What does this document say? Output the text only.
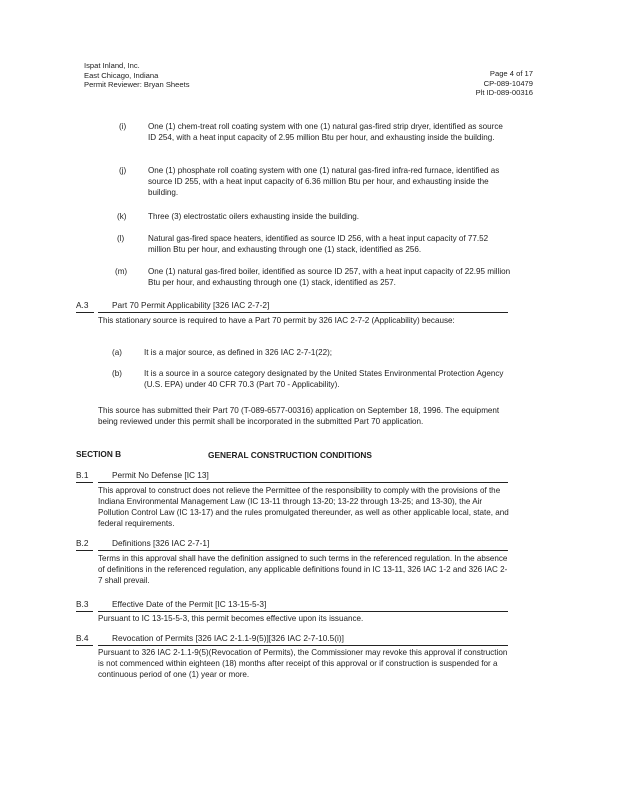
Ispat Inland, Inc.
East Chicago, Indiana
Permit Reviewer: Bryan Sheets
Page 4 of 17
CP-089-10479
Plt ID-089-00316
(i)	One (1) chem-treat roll coating system with one (1) natural gas-fired strip dryer, identified as source ID 254, with a heat input capacity of 2.95 million Btu per hour, and exhausting inside the building.
(j)	One (1) phosphate roll coating system with one (1) natural gas-fired infra-red furnace, identified as source ID 255, with a heat input capacity of 6.36 million Btu per hour, and exhausting inside the building.
(k)	Three (3) electrostatic oilers exhausting inside the building.
(l)	Natural gas-fired space heaters, identified as source ID 256, with a heat input capacity of 77.52 million Btu per hour, and exhausting through one (1) stack, identified as 256.
(m)	One (1) natural gas-fired boiler, identified as source ID 257, with a heat input capacity of 22.95 million Btu per hour, and exhausting through one (1) stack, identified as 257.
A.3	Part 70 Permit Applicability [326 IAC 2-7-2]
This stationary source is required to have a Part 70 permit by 326 IAC 2-7-2 (Applicability) because:
(a)	It is a major source, as defined in 326 IAC 2-7-1(22);
(b)	It is a source in a source category designated by the United States Environmental Protection Agency (U.S. EPA) under 40 CFR 70.3 (Part 70 - Applicability).
This source has submitted their Part 70 (T-089-6577-00316) application on September 18, 1996. The equipment being reviewed under this permit shall be incorporated in the submitted Part 70 application.
SECTION B	GENERAL CONSTRUCTION CONDITIONS
B.1	Permit No Defense [IC 13]
This approval to construct does not relieve the Permittee of the responsibility to comply with the provisions of the Indiana Environmental Management Law (IC 13-11 through 13-20; 13-22 through 13-25; and 13-30), the Air Pollution Control Law (IC 13-17) and the rules promulgated thereunder, as well as other applicable local, state, and federal requirements.
B.2	Definitions [326 IAC 2-7-1]
Terms in this approval shall have the definition assigned to such terms in the referenced regulation. In the absence of definitions in the referenced regulation, any applicable definitions found in IC 13-11, 326 IAC 1-2 and 326 IAC 2-7 shall prevail.
B.3	Effective Date of the Permit [IC 13-15-5-3]
Pursuant to IC 13-15-5-3, this permit becomes effective upon its issuance.
B.4	Revocation of Permits [326 IAC 2-1.1-9(5)][326 IAC 2-7-10.5(i)]
Pursuant to 326 IAC 2-1.1-9(5)(Revocation of Permits), the Commissioner may revoke this approval if construction is not commenced within eighteen (18) months after receipt of this approval or if construction is suspended for a continuous period of one (1) year or more.
